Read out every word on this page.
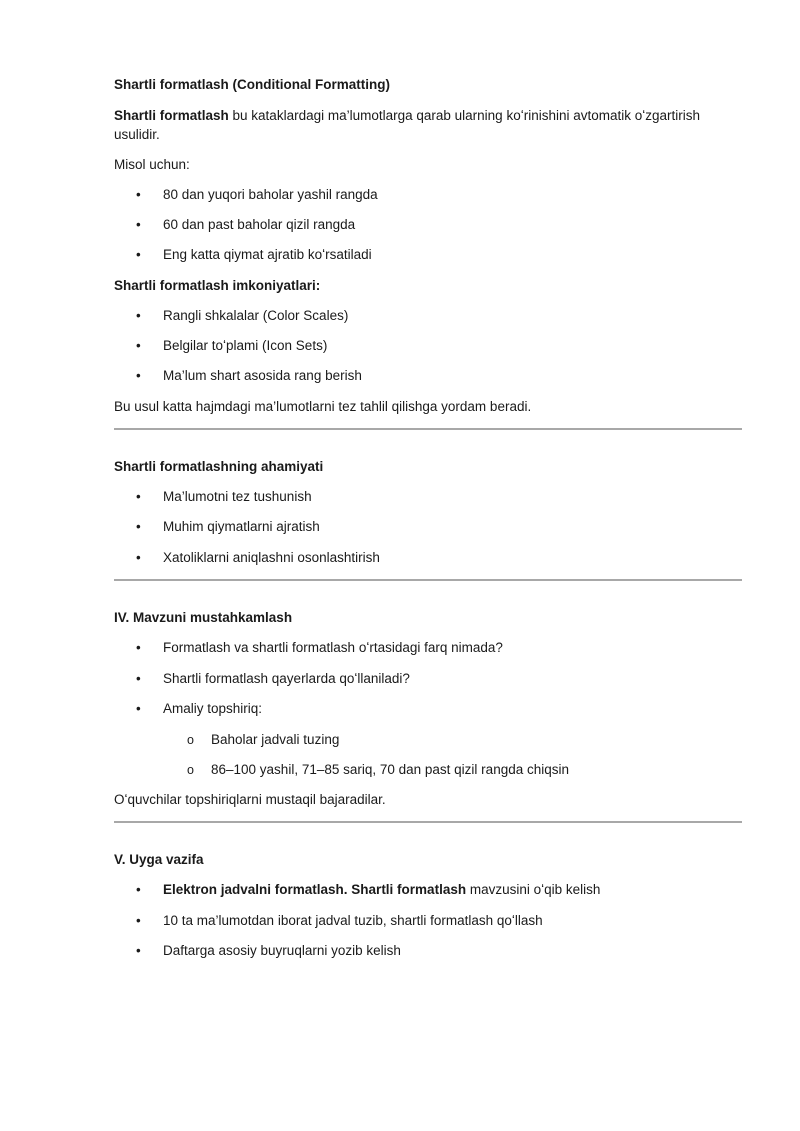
Shartli formatlash (Conditional Formatting)
Shartli formatlash bu kataklardagi ma’lumotlarga qarab ularning koʻrinishini avtomatik oʻzgartirish usulidir.
Misol uchun:
• 80 dan yuqori baholar yashil rangda
• 60 dan past baholar qizil rangda
• Eng katta qiymat ajratib koʻrsatiladi
Shartli formatlash imkoniyatlari:
• Rangli shkalalar (Color Scales)
• Belgilar toʻplami (Icon Sets)
• Ma’lum shart asosida rang berish
Bu usul katta hajmdagi ma’lumotlarni tez tahlil qilishga yordam beradi.
Shartli formatlashning ahamiyati
• Ma’lumotni tez tushunish
• Muhim qiymatlarni ajratish
• Xatoliklarni aniqlashni osonlashtirish
IV. Mavzuni mustahkamlash
• Formatlash va shartli formatlash oʻrtasidagi farq nimada?
• Shartli formatlash qayerlarda qoʻllaniladi?
• Amaliy topshiriq:
o Baholar jadvali tuzing
o 86–100 yashil, 71–85 sariq, 70 dan past qizil rangda chiqsin
Oʻquvchilar topshiriqlarni mustaqil bajaradilar.
V. Uyga vazifa
• Elektron jadvalni formatlash. Shartli formatlash mavzusini oʻqib kelish
• 10 ta ma’lumotdan iborat jadval tuzib, shartli formatlash qoʻllash
• Daftarga asosiy buyruqlarni yozib kelish
